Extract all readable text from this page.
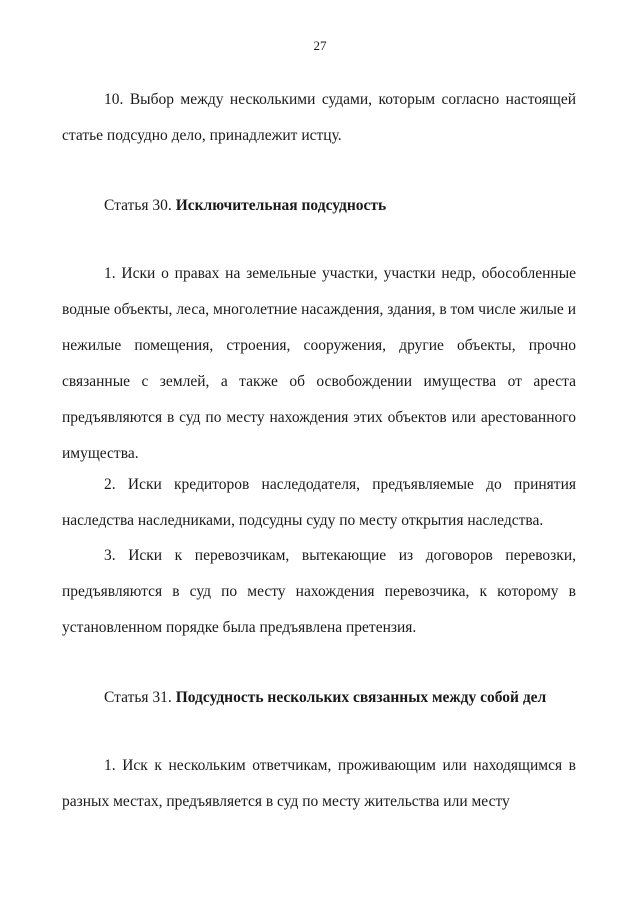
27
10. Выбор между несколькими судами, которым согласно настоящей статье подсудно дело, принадлежит истцу.
Статья 30. Исключительная подсудность
1. Иски о правах на земельные участки, участки недр, обособленные водные объекты, леса, многолетние насаждения, здания, в том числе жилые и нежилые помещения, строения, сооружения, другие объекты, прочно связанные с землей, а также об освобождении имущества от ареста предъявляются в суд по месту нахождения этих объектов или арестованного имущества.
2. Иски кредиторов наследодателя, предъявляемые до принятия наследства наследниками, подсудны суду по месту открытия наследства.
3. Иски к перевозчикам, вытекающие из договоров перевозки, предъявляются в суд по месту нахождения перевозчика, к которому в установленном порядке была предъявлена претензия.
Статья 31. Подсудность нескольких связанных между собой дел
1. Иск к нескольким ответчикам, проживающим или находящимся в разных местах, предъявляется в суд по месту жительства или месту
